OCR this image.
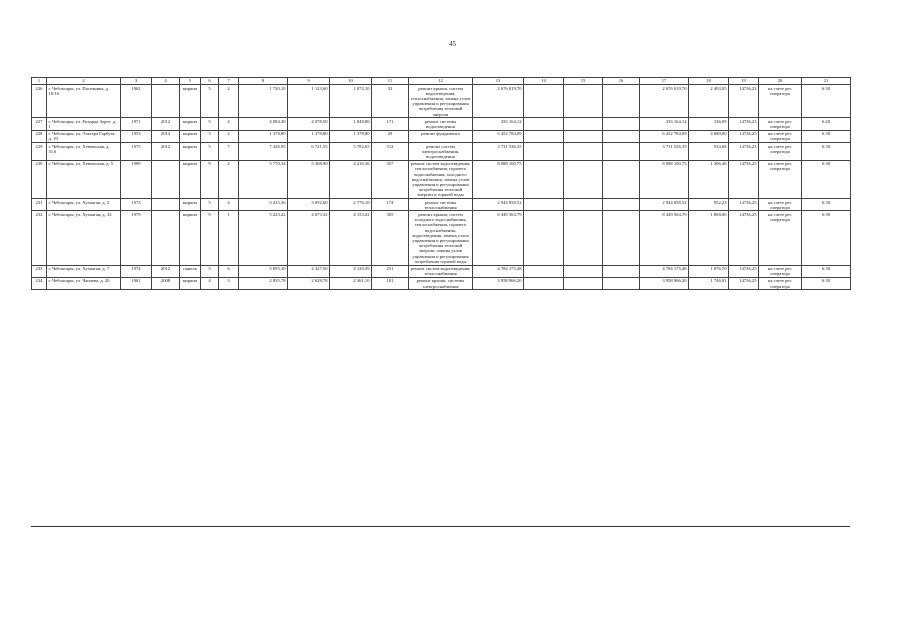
45
1	2	3	4	5	6	7	8	9	10	11	12	13	14	15	16	17	18	19	20	21
226	г. Чебоксары, ул. Пасечника, д. 10/16	1962		кирпич	5	2	1 720,10	1 123,60	1 072,10	33	ремонт крыши, систем водоотведения, теплоснабжения, замена узлов управления и регулирования потребления тепловой энергии	2 676 019,70				2 676 019,70	2 403,05	14736,23	на счете рег. оператора	6.30
227	г. Чебоксары, ул. Рихарда Зорге, д. 1	1971	2012	кирпич	5	4	4 084,30	4 078,50	1 848,80	171	ремонт системы водоотведения	333 164,12				333 164,12	136,09	14736,23	на счете рег. оператора	6.20
228	г. Чебоксары, ул. Эльгера Гарбуза, д. 19	1953	2014	кирпич	3	2	1 378,80	1 378,80	1 378,80	29	ремонт фундамента	6 452 784,09				6 452 784,09	4 680,00	14736,25	на счете рег. оператора	6.30
229	г. Чебоксары, ул. Хевешская, д. 31А	1975	2012	кирпич	5	7	7 426,95	6 721,55	5 782,65	312	ремонт систем электроснабжения, водоотведения	3 731 536,35				3 731 536,35	534,68	14736,23	на счете рег. оператора	6.30
230	г. Чебоксары, ул. Хевешская, д. 5	1989		кирпич	9	2	5 770,34	5 368,90	4 216,36	357	ремонт систем водоотведения, теплоснабжения, горячего водоснабжения, холодного водоснабжения, замена узлов управления и регулирования потребления тепловой энергии и горячей воды	8 088 100,75				8 088 100,75	1 306,46	14736,25	на счете рег. оператора	6.30
231	г. Чебоксары, ул. Хузангая, д. 2	1973		кирпич	5	4	3 415,36	3 092,60	2 776,10	174	ремонт системы теплоснабжения	2 944 858,52				2 944 858,52	952,23	14736,25	на счете рег. оператора	6.30
232	г. Чебоксары, ул. Хузангая, д. 32	1979		кирпич	9	1	5 223,22	4 673,32	4 153,22	305	ремонт крыши, систем холодного водоснабжения, теплоснабжения, горячего водоснабжения, водоотведения, замена узлов управления и регулирования потребления тепловой энергии, замена узлов управления и регулирования потребления горячей воды	8 449 564,79				8 449 564,79	1 808,06	14736,25	на счете рег. оператора	6.30
233	г. Чебоксары, ул. Хузангая, д. 7	1974	2012	панель	5	6	5 095,30	4 327,50	4 120,39	251	ремонт систем водоотведения, теплоснабжения	4 784 175,48				4 784 175,48	1 076,70	14736,25	на счете рег. оператора	6.30
234	г. Чебоксары, ул. Чапаева, д. 20	1961	2008	кирпич	4	3	2 835,78	2 628,78	2 361,10	181	ремонт крыши, системы электроснабжения	3 958 966,20				3 958 966,20	1 746,01	14736,25	на счете рег. оператора	6.30
